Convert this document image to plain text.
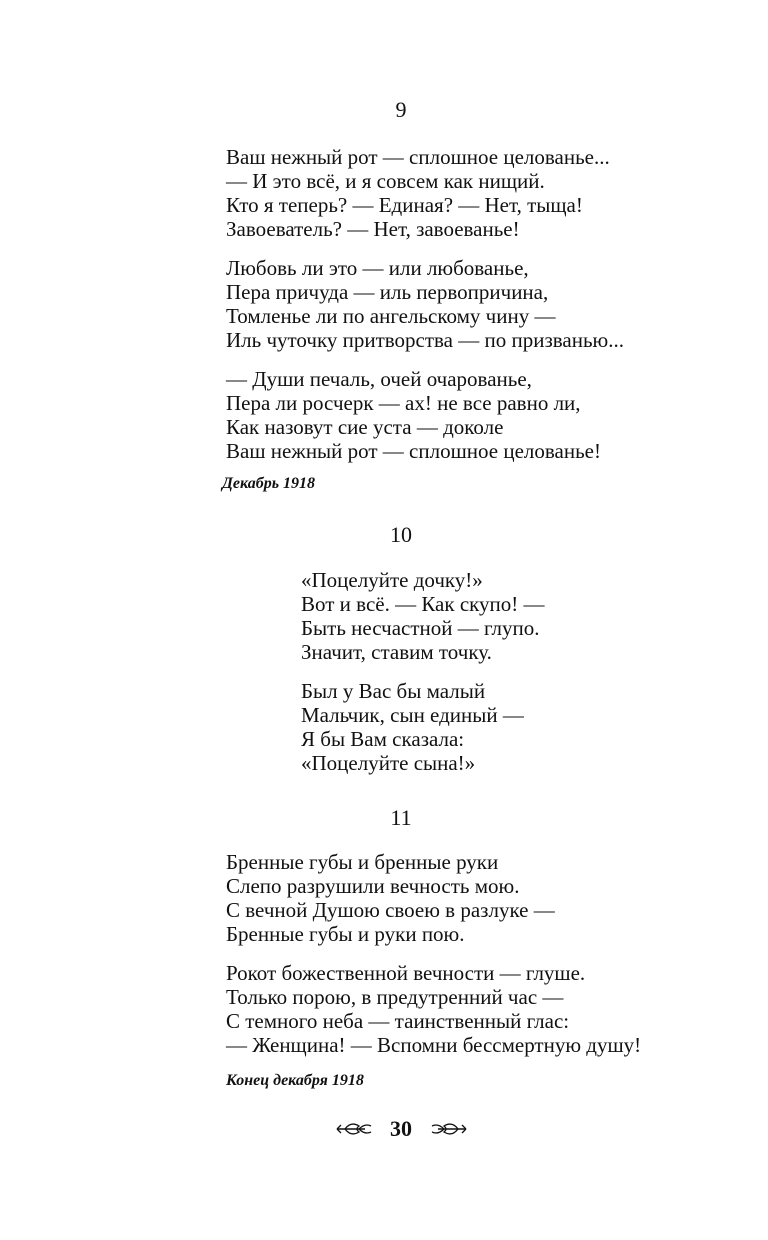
9
Ваш нежный рот — сплошное целованье...
— И это всё, и я совсем как нищий.
Кто я теперь? — Единая? — Нет, тыща!
Завоеватель? — Нет, завоеванье!
Любовь ли это — или любованье,
Пера причуда — иль первопричина,
Томленье ли по ангельскому чину —
Иль чуточку притворства — по призванью...
— Души печаль, очей очарованье,
Пера ли росчерк — ах! не все равно ли,
Как назовут сие уста — доколе
Ваш нежный рот — сплошное целованье!
Декабрь 1918
10
«Поцелуйте дочку!»
Вот и всё. — Как скупо! —
Быть несчастной — глупо.
Значит, ставим точку.
Был у Вас бы малый
Мальчик, сын единый —
Я бы Вам сказала:
«Поцелуйте сына!»
11
Бренные губы и бренные руки
Слепо разрушили вечность мою.
С вечной Душою своею в разлуке —
Бренные губы и руки пою.
Рокот божественной вечности — глуше.
Только порою, в предутренний час —
С темного неба — таинственный глас:
— Женщина! — Вспомни бессмертную душу!
Конец декабря 1918
30
